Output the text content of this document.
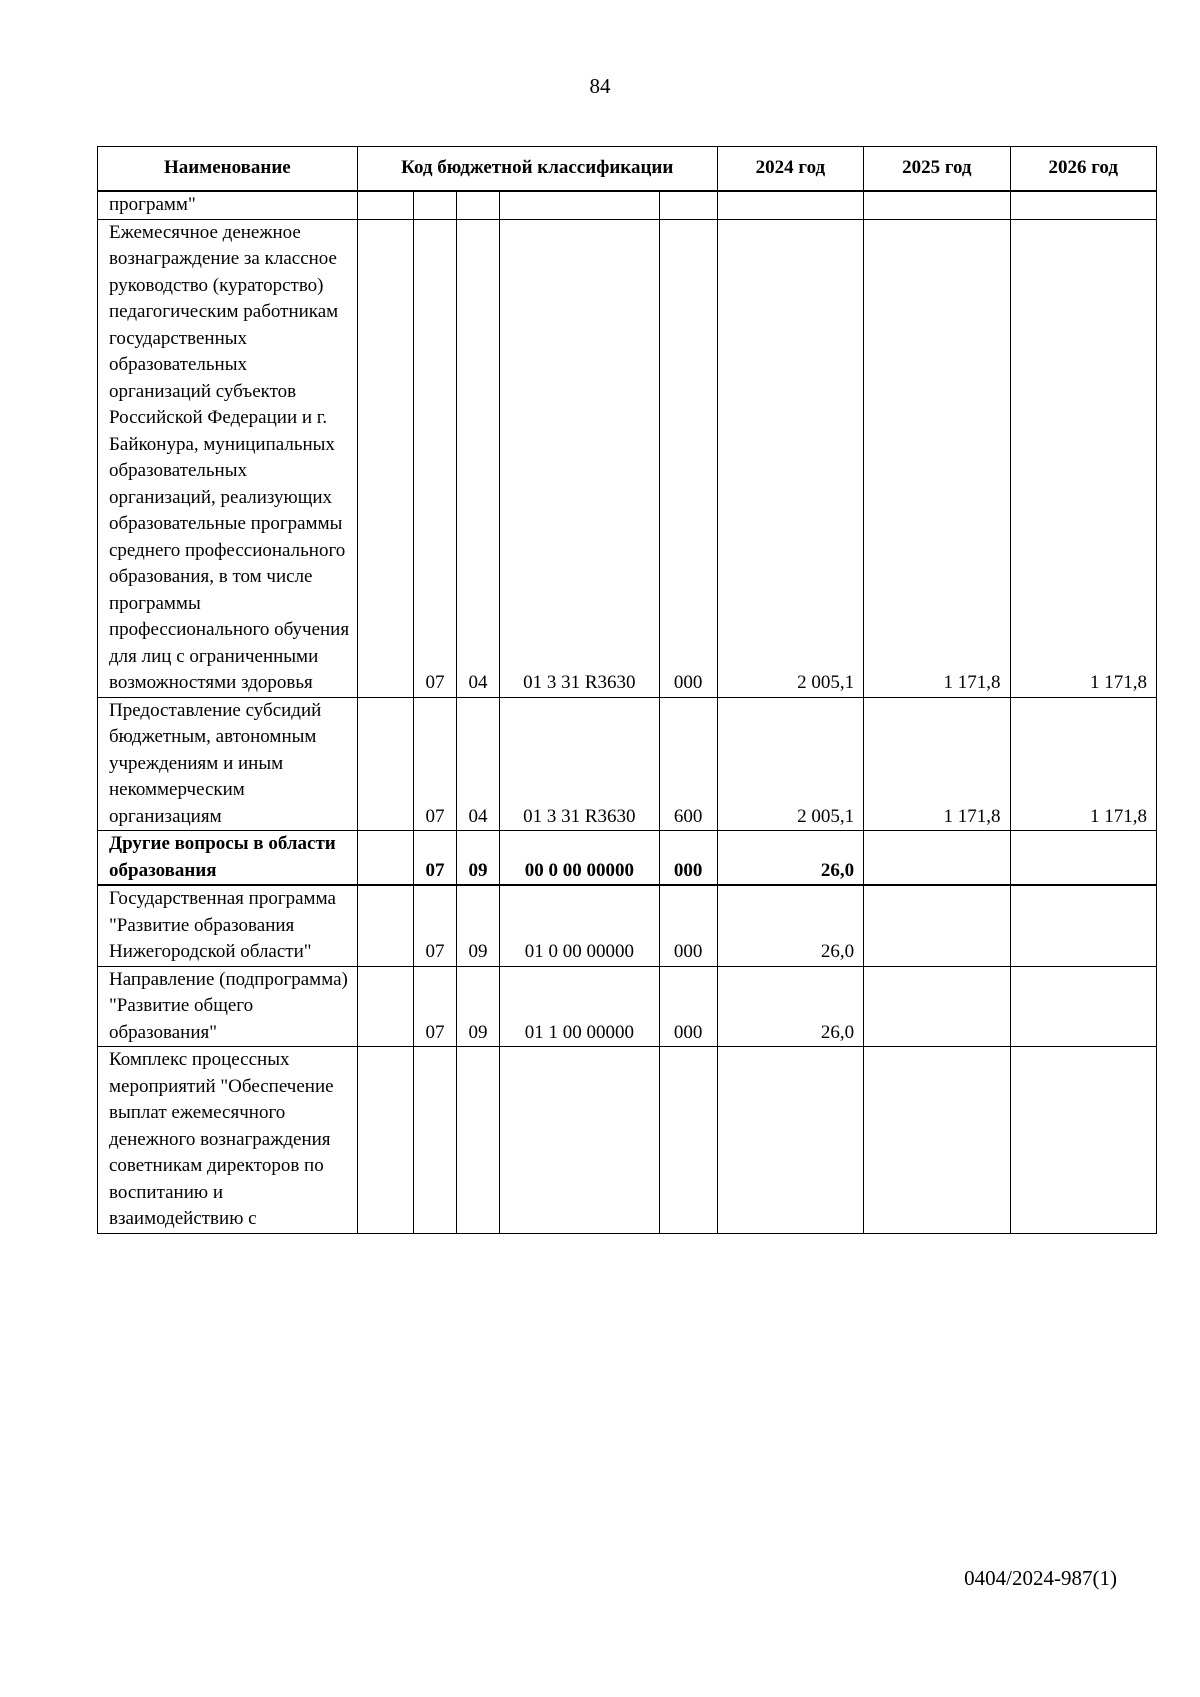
84
Наименование	Код бюджетной классификации					2024 год	2025 год	2026 год
программ"								
Ежемесячное денежное вознаграждение за классное руководство (кураторство) педагогическим работникам государственных образовательных организаций субъектов Российской Федерации и г. Байконура, муниципальных образовательных организаций, реализующих образовательные программы среднего профессионального образования, в том числе программы профессионального обучения для лиц с ограниченными возможностями здоровья		07	04	01 3 31 R3630	000	2 005,1	1 171,8	1 171,8
Предоставление субсидий бюджетным, автономным учреждениям и иным некоммерческим организациям		07	04	01 3 31 R3630	600	2 005,1	1 171,8	1 171,8
Другие вопросы в области образования		07	09	00 0 00 00000	000	26,0		
Государственная программа "Развитие образования Нижегородской области"		07	09	01 0 00 00000	000	26,0		
Направление (подпрограмма) "Развитие общего образования"		07	09	01 1 00 00000	000	26,0		
Комплекс процессных мероприятий "Обеспечение выплат ежемесячного денежного вознаграждения советникам директоров по воспитанию и взаимодействию с								
0404/2024-987(1)
